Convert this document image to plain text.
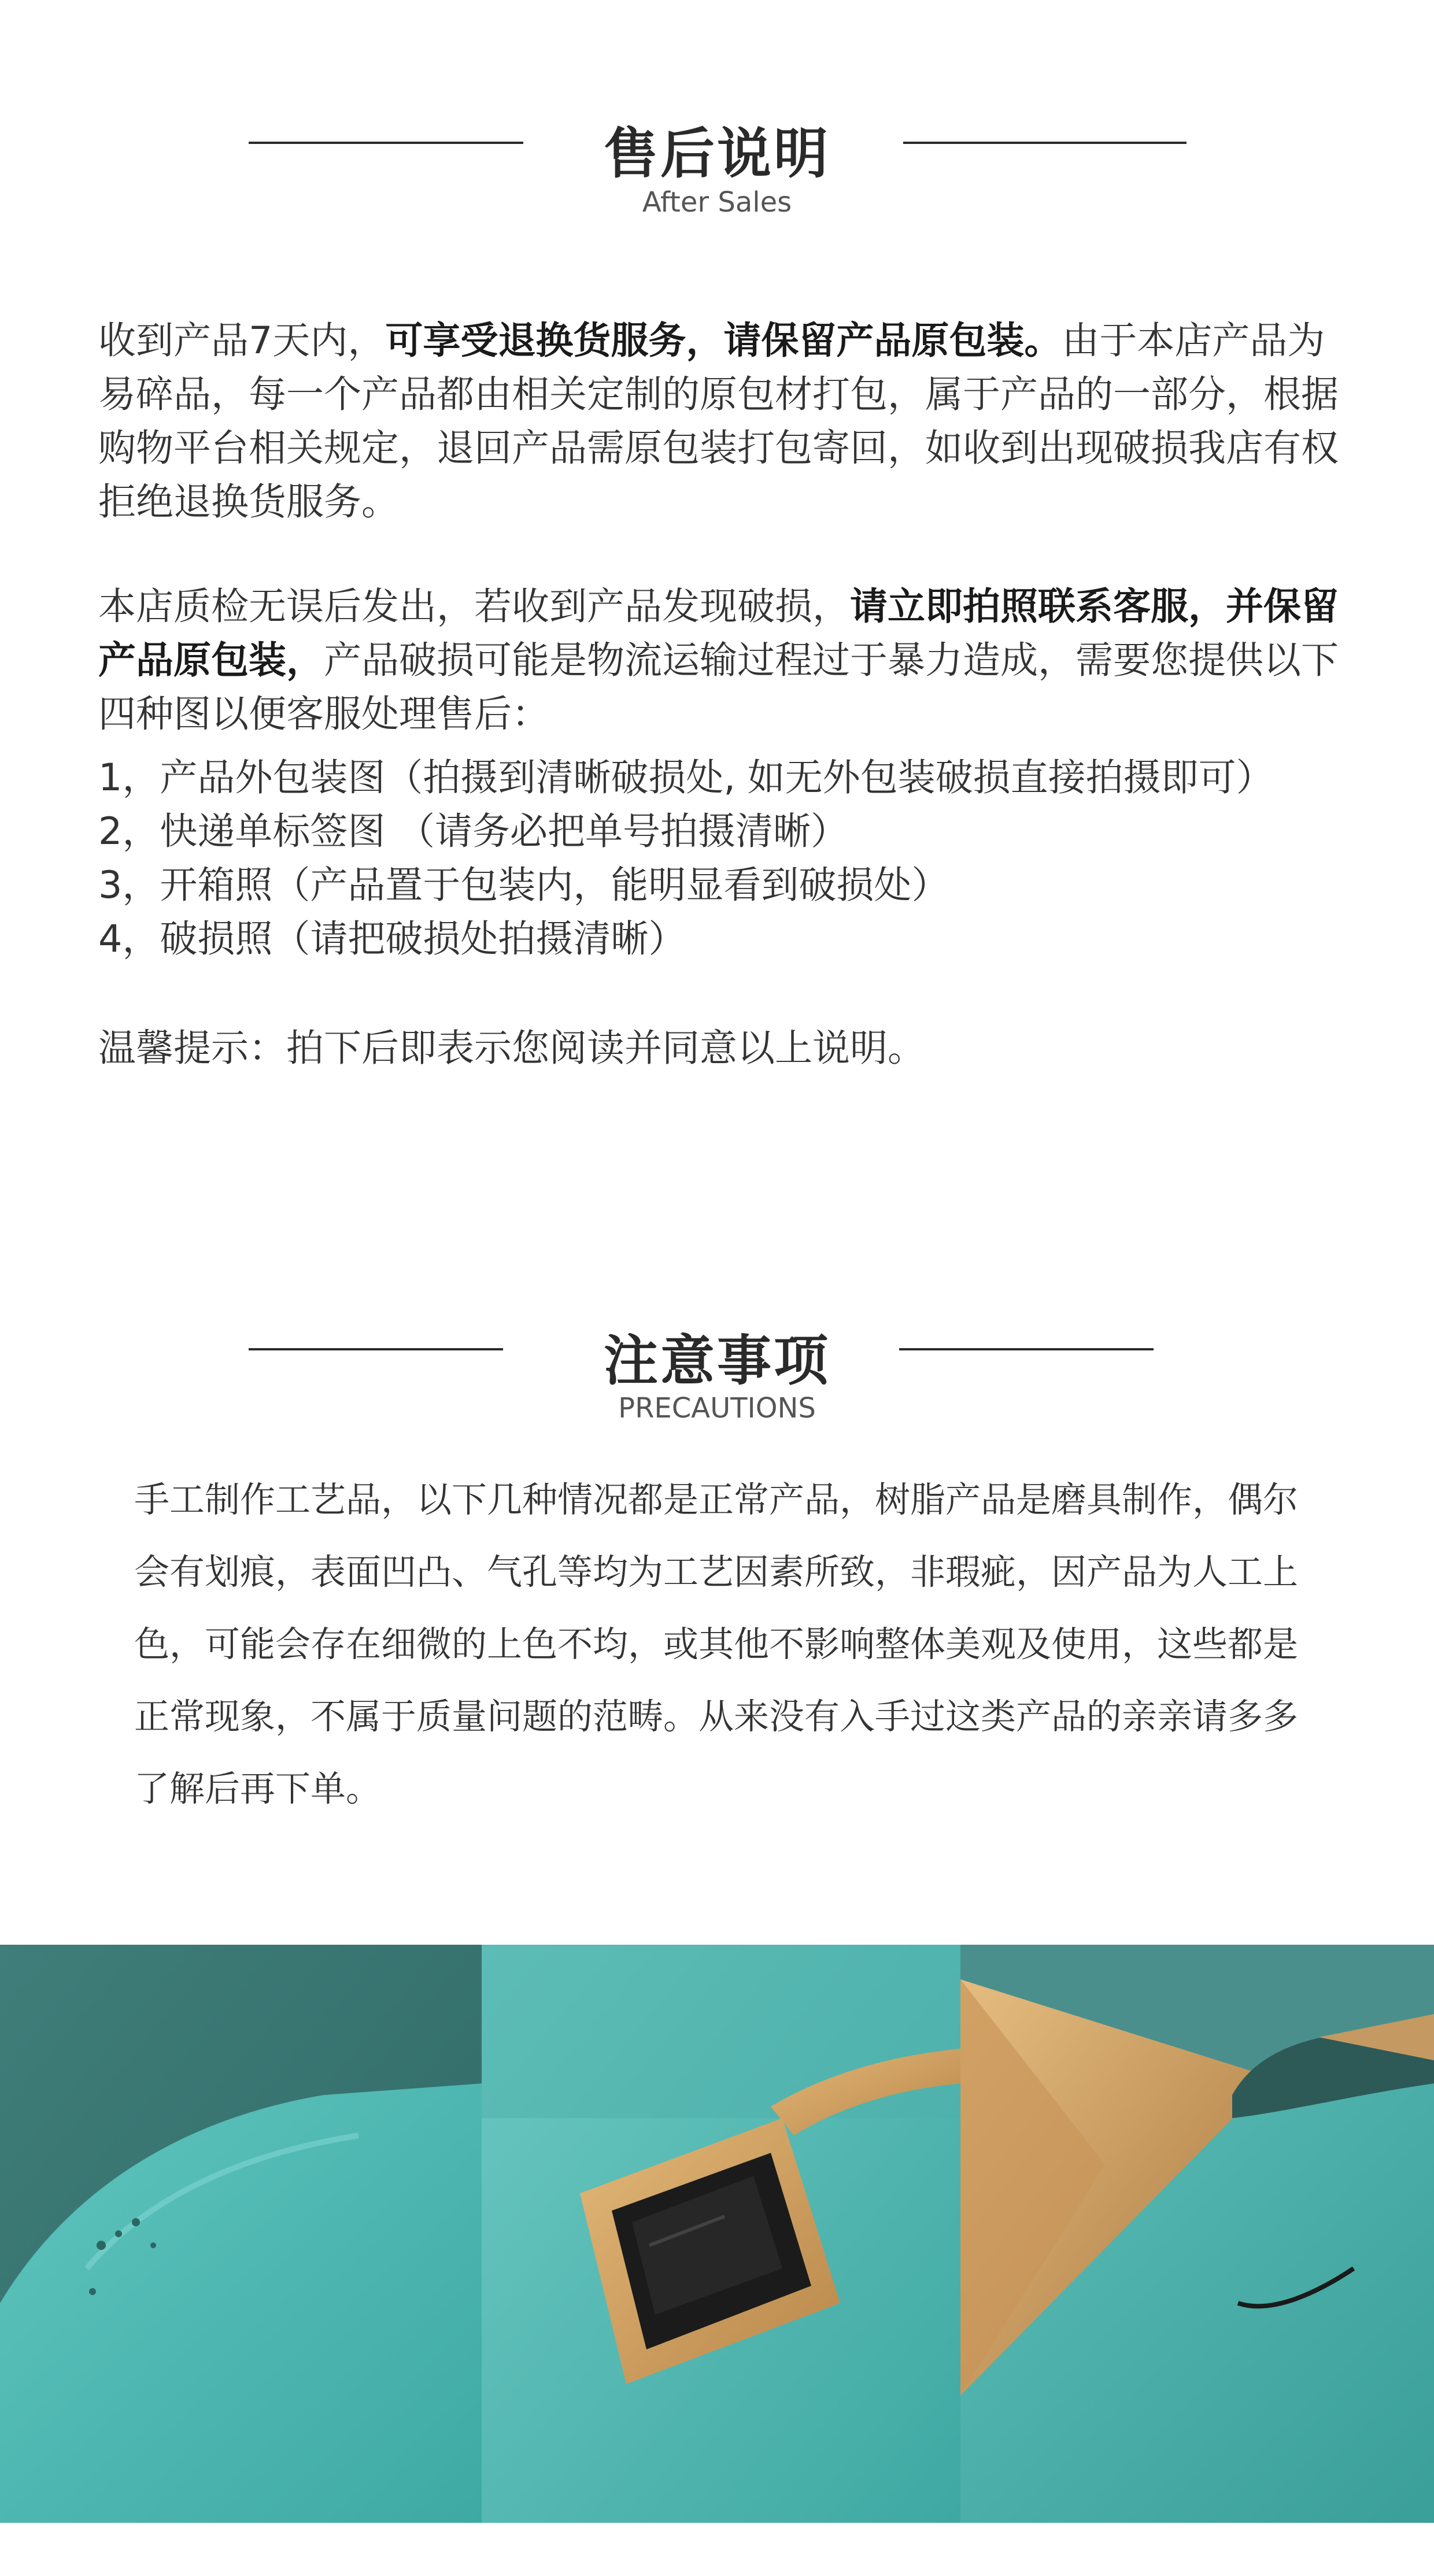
售后说明
After Sales
收到产品7天内，可享受退换货服务，请保留产品原包装。由于本店产品为易碎品，每一个产品都由相关定制的原包材打包，属于产品的一部分，根据购物平台相关规定，退回产品需原包装打包寄回，如收到出现破损我店有权拒绝退换货服务。
本店质检无误后发出，若收到产品发现破损，请立即拍照联系客服，并保留产品原包装，产品破损可能是物流运输过程过于暴力造成，需要您提供以下四种图以便客服处理售后：
1，产品外包装图（拍摄到清晰破损处, 如无外包装破损直接拍摄即可）
2，快递单标签图 （请务必把单号拍摄清晰）
3，开箱照（产品置于包装内，能明显看到破损处）
4，破损照（请把破损处拍摄清晰）
温馨提示：拍下后即表示您阅读并同意以上说明。
注意事项
PRECAUTIONS
手工制作工艺品，以下几种情况都是正常产品，树脂产品是磨具制作，偶尔会有划痕，表面凹凸、气孔等均为工艺因素所致，非瑕疵，因产品为人工上色，可能会存在细微的上色不均，或其他不影响整体美观及使用，这些都是正常现象，不属于质量问题的范畴。从来没有入手过这类产品的亲亲请多多了解后再下单。
